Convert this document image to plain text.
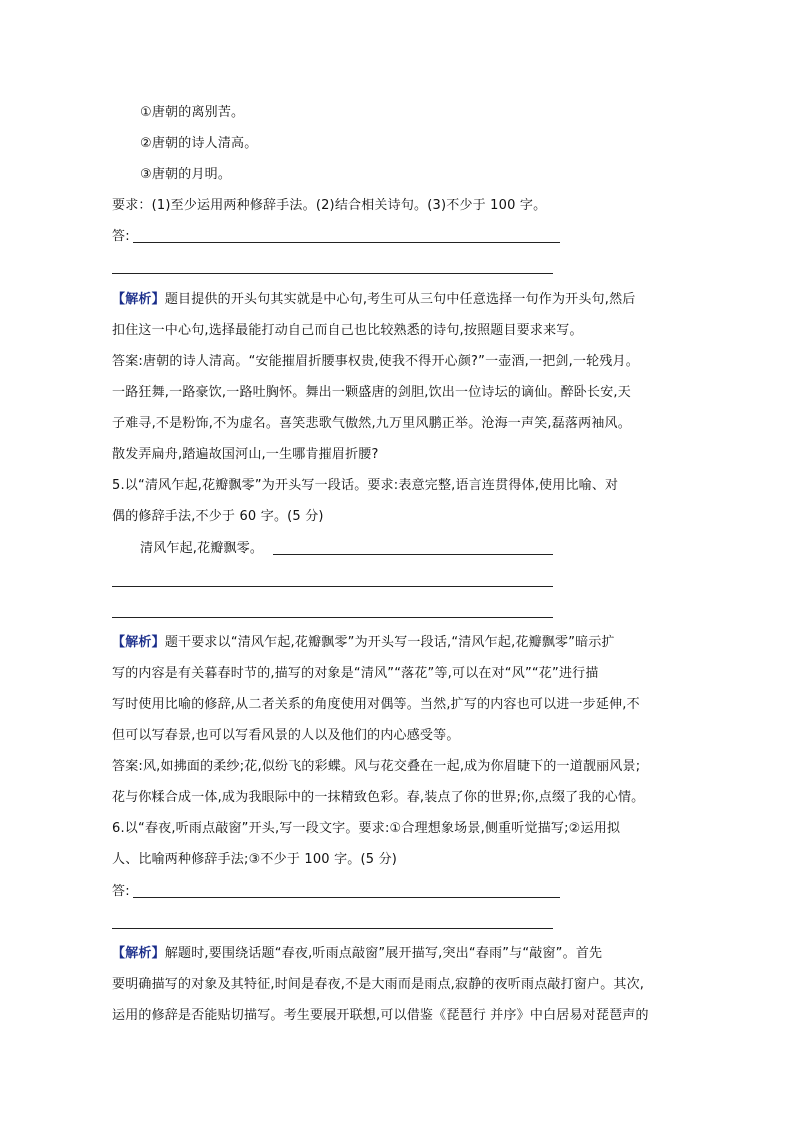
①唐朝的离别苦。
②唐朝的诗人清高。
③唐朝的月明。
要求：(1)至少运用两种修辞手法。(2)结合相关诗句。(3)不少于 100 字。
答:
【解析】题目提供的开头句其实就是中心句,考生可从三句中任意选择一句作为开头句,然后
扣住这一中心句,选择最能打动自己而自己也比较熟悉的诗句,按照题目要求来写。
答案:唐朝的诗人清高。“安能摧眉折腰事权贵,使我不得开心颜?”一壶酒,一把剑,一轮残月。
一路狂舞,一路豪饮,一路吐胸怀。舞出一颗盛唐的剑胆,饮出一位诗坛的谪仙。醉卧长安,天
子难寻,不是粉饰,不为虚名。喜笑悲歌气傲然,九万里风鹏正举。沧海一声笑,磊落两袖风。
散发弄扁舟,踏遍故国河山,一生哪肯摧眉折腰?
5.以“清风乍起,花瓣飘零”为开头写一段话。要求:表意完整,语言连贯得体,使用比喻、对
偶的修辞手法,不少于 60 字。(5 分)
清风乍起,花瓣飘零。
【解析】题干要求以“清风乍起,花瓣飘零”为开头写一段话,“清风乍起,花瓣飘零”暗示扩
写的内容是有关暮春时节的,描写的对象是“清风”“落花”等,可以在对“风”“花”进行描
写时使用比喻的修辞,从二者关系的角度使用对偶等。当然,扩写的内容也可以进一步延伸,不
但可以写春景,也可以写看风景的人以及他们的内心感受等。
答案:风,如拂面的柔纱;花,似纷飞的彩蝶。风与花交叠在一起,成为你眉睫下的一道靓丽风景;
花与你糅合成一体,成为我眼际中的一抹精致色彩。春,装点了你的世界;你,点缀了我的心情。
6.以“春夜,听雨点敲窗”开头,写一段文字。要求:①合理想象场景,侧重听觉描写;②运用拟
人、比喻两种修辞手法;③不少于 100 字。(5 分)
答:
【解析】解题时,要围绕话题“春夜,听雨点敲窗”展开描写,突出“春雨”与“敲窗”。首先
要明确描写的对象及其特征,时间是春夜,不是大雨而是雨点,寂静的夜听雨点敲打窗户。其次,
运用的修辞是否能贴切描写。考生要展开联想,可以借鉴《琵琶行 并序》中白居易对琵琶声的
